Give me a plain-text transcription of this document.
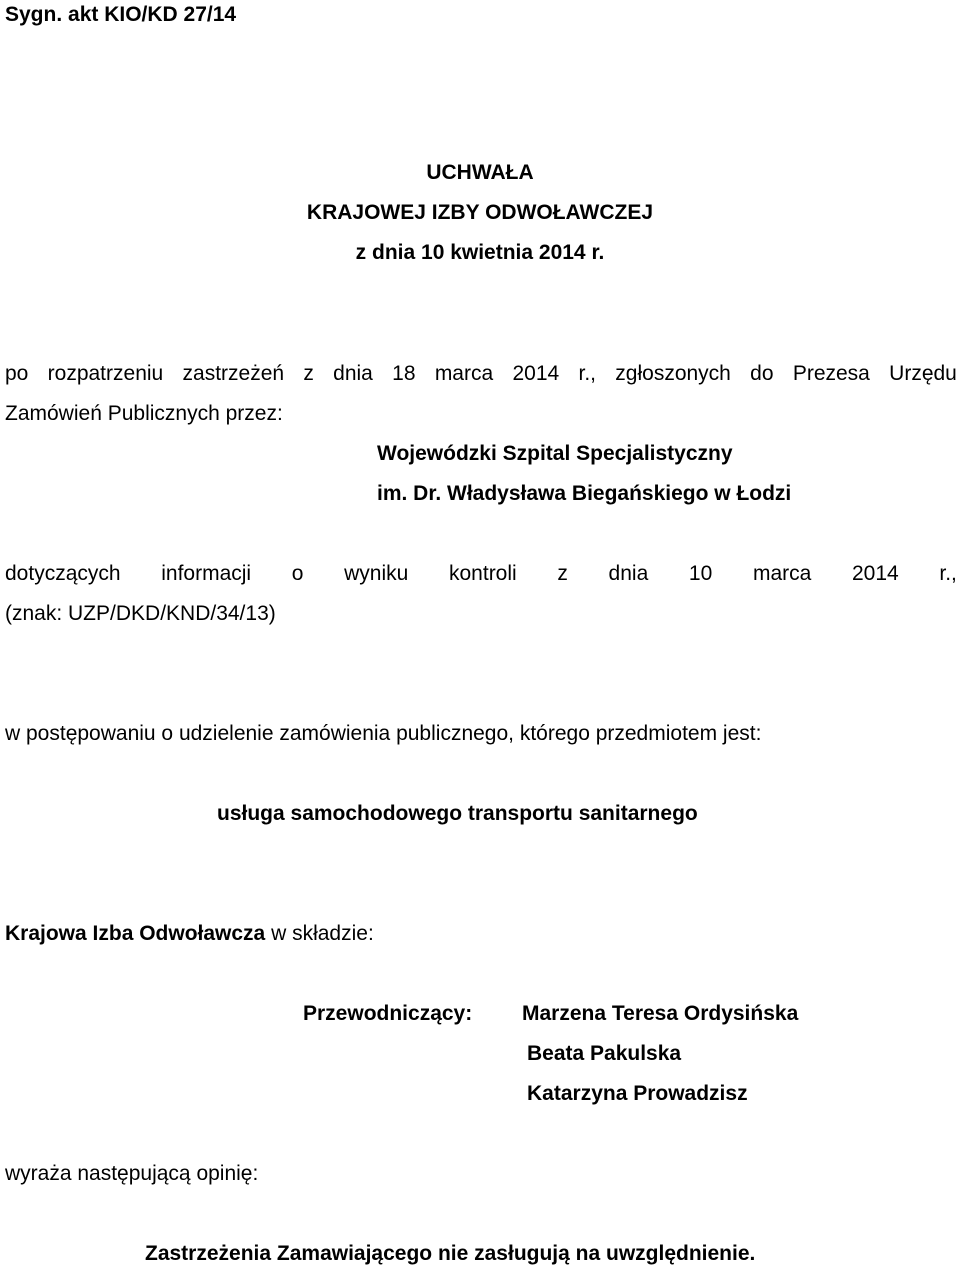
Sygn. akt KIO/KD 27/14
UCHWAŁA
KRAJOWEJ IZBY ODWOŁAWCZEJ
z dnia 10 kwietnia 2014 r.
po rozpatrzeniu zastrzeżeń z dnia 18 marca 2014 r., zgłoszonych do Prezesa Urzędu
Zamówień Publicznych przez:
Wojewódzki Szpital Specjalistyczny
im. Dr. Władysława Biegańskiego w Łodzi
dotyczących informacji o wyniku kontroli z dnia 10 marca 2014 r.,
(znak: UZP/DKD/KND/34/13)
w postępowaniu o udzielenie zamówienia publicznego, którego przedmiotem jest:
usługa samochodowego transportu sanitarnego
Krajowa Izba Odwoławcza w składzie:
Przewodniczący: Marzena Teresa Ordysińska
Beata Pakulska
Katarzyna Prowadzisz
wyraża następującą opinię:
Zastrzeżenia Zamawiającego nie zasługują na uwzględnienie.
